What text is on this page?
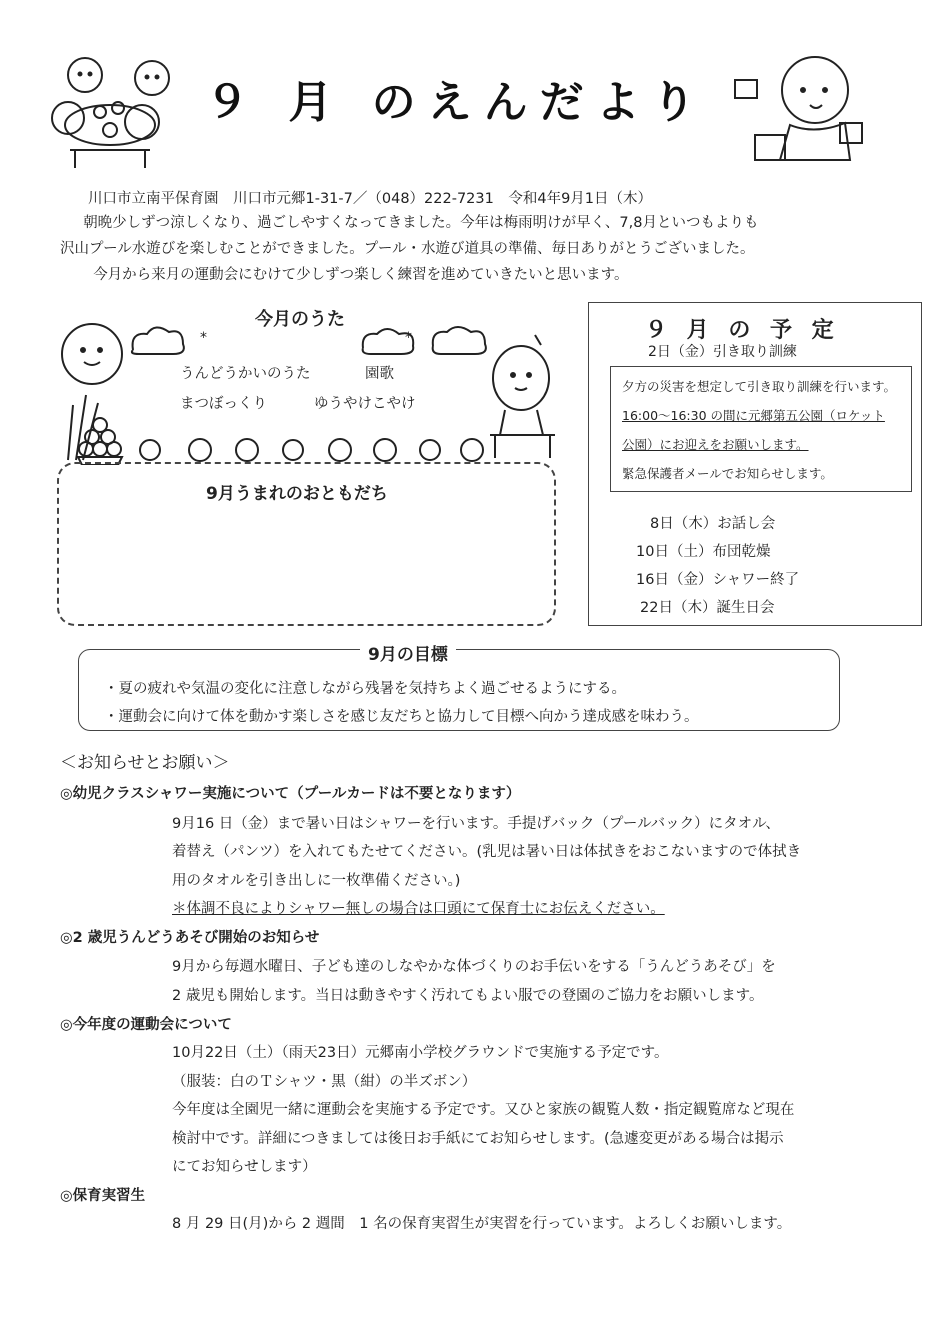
*	*
９ 月 のえんだより
川口市立南平保育園　川口市元郷1-31-7／（048）222-7231　令和4年9月1日（木）

朝晩少しずつ涼しくなり、過ごしやすくなってきました。今年は梅雨明けが早く、7,8月といつもよりも

沢山プール水遊びを楽しむことができました。プール・水遊び道具の準備、毎日ありがとうございました。

今月から来月の運動会にむけて少しずつ楽しく練習を進めていきたいと思います。

今月のうた
うんどうかいのうた	園歌
まつぼっくり	ゆうやけこやけ
９ 月 の 予 定
2日（金）引き取り訓練
夕方の災害を想定して引き取り訓練を行います。
16:00～16:30 の間に元郷第五公園（ロケット
公園）にお迎えをお願いします。
緊急保護者メールでお知らせします。
8日（木）お話し会
10日（土）布団乾燥
16日（金）シャワー終了
22日（木）誕生日会
9月うまれのおともだち
9月の目標
・夏の疲れや気温の変化に注意しながら残暑を気持ちよく過ごせるようにする。
・運動会に向けて体を動かす楽しさを感じ友だちと協力して目標へ向かう達成感を味わう。
＜お知らせとお願い＞
◎幼児クラスシャワー実施について（プールカードは不要となります）
9月16 日（金）まで暑い日はシャワーを行います。手提げバック（プールバック）にタオル、
着替え（パンツ）を入れてもたせてください。(乳児は暑い日は体拭きをおこないますので体拭き
用のタオルを引き出しに一枚準備ください。)
＊体調不良によりシャワー無しの場合は口頭にて保育士にお伝えください。
◎2 歳児うんどうあそび開始のお知らせ
9月から毎週水曜日、子ども達のしなやかな体づくりのお手伝いをする「うんどうあそび」を
2 歳児も開始します。当日は動きやすく汚れてもよい服での登園のご協力をお願いします。
◎今年度の運動会について
10月22日（土）（雨天23日）元郷南小学校グラウンドで実施する予定です。
（服装：白のＴシャツ・黒（紺）の半ズボン）
今年度は全園児一緒に運動会を実施する予定です。又ひと家族の観覧人数・指定観覧席など現在
検討中です。詳細につきましては後日お手紙にてお知らせします。(急遽変更がある場合は掲示
にてお知らせします）
◎保育実習生
8 月 29 日(月)から 2 週間　1 名の保育実習生が実習を行っています。よろしくお願いします。
